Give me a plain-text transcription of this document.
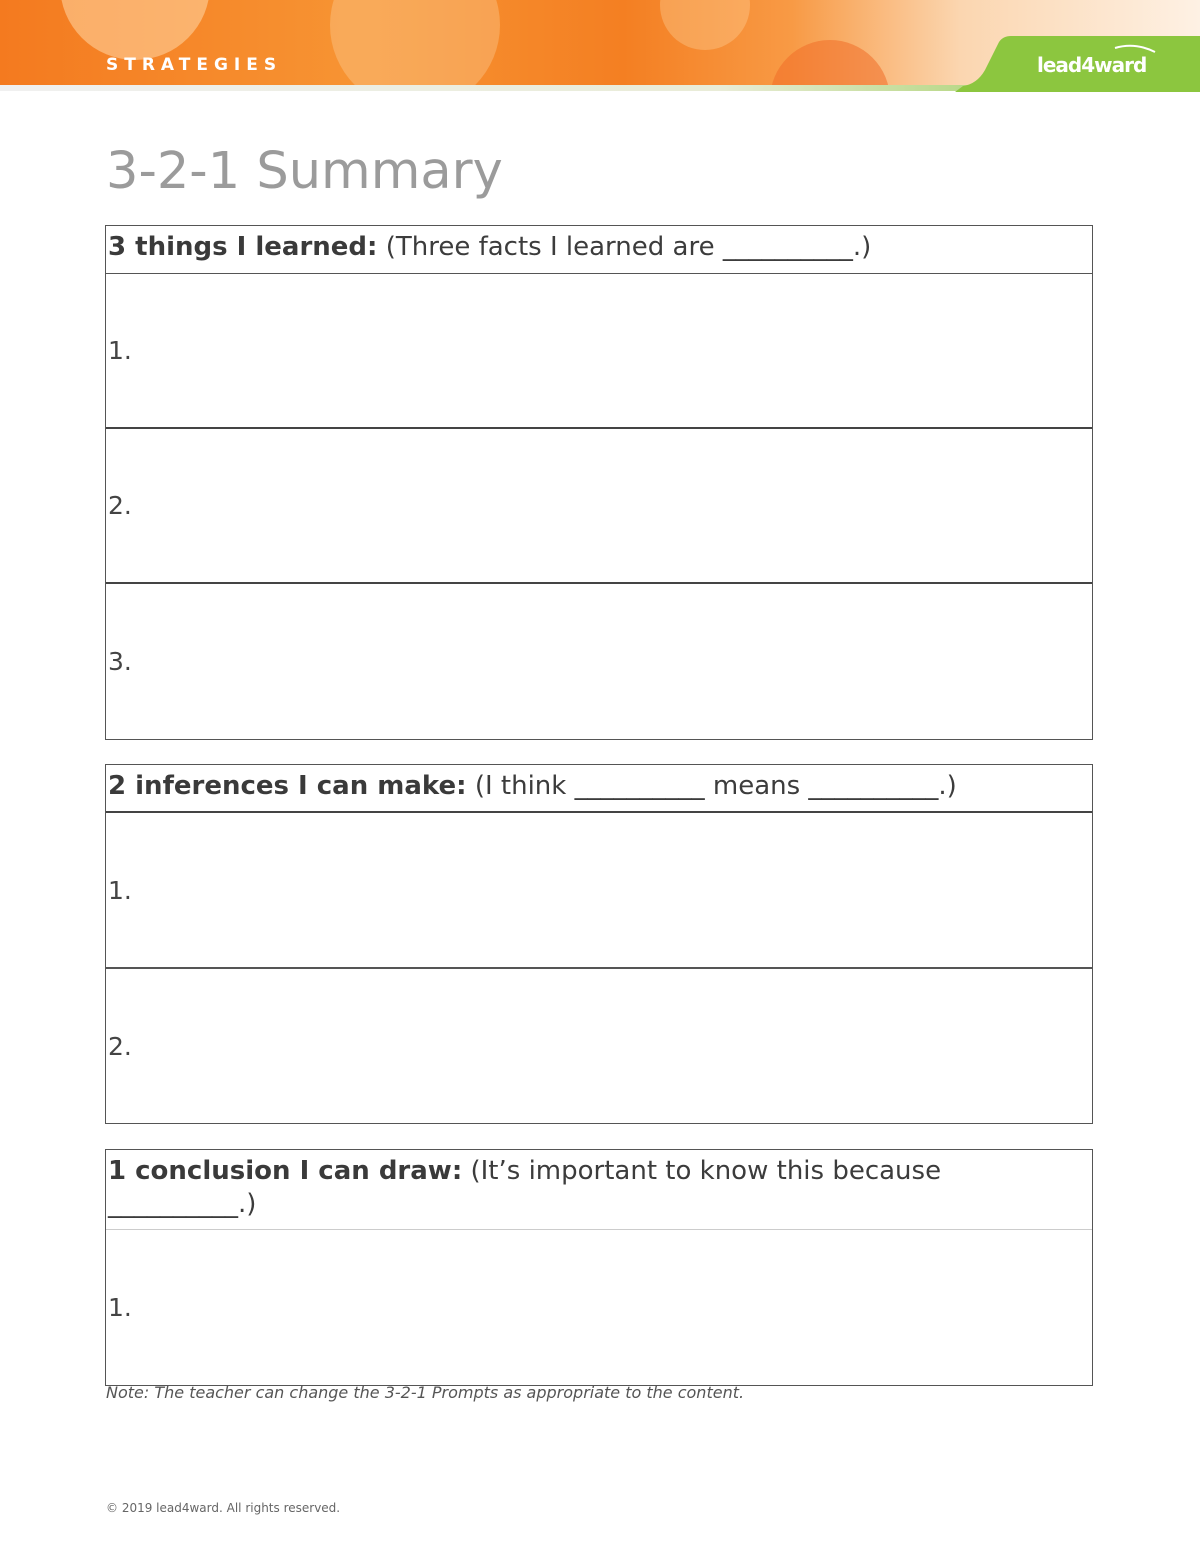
STRATEGIES	lead4ward
3-2-1 Summary
3 things I learned: (Three facts I learned are __________.)
1.
2.
3.
2 inferences I can make: (I think __________ means __________.)
1.
2.
1 conclusion I can draw: (It’s important to know this because __________.)
1.
Note: The teacher can change the 3-2-1 Prompts as appropriate to the content.
© 2019 lead4ward. All rights reserved.
